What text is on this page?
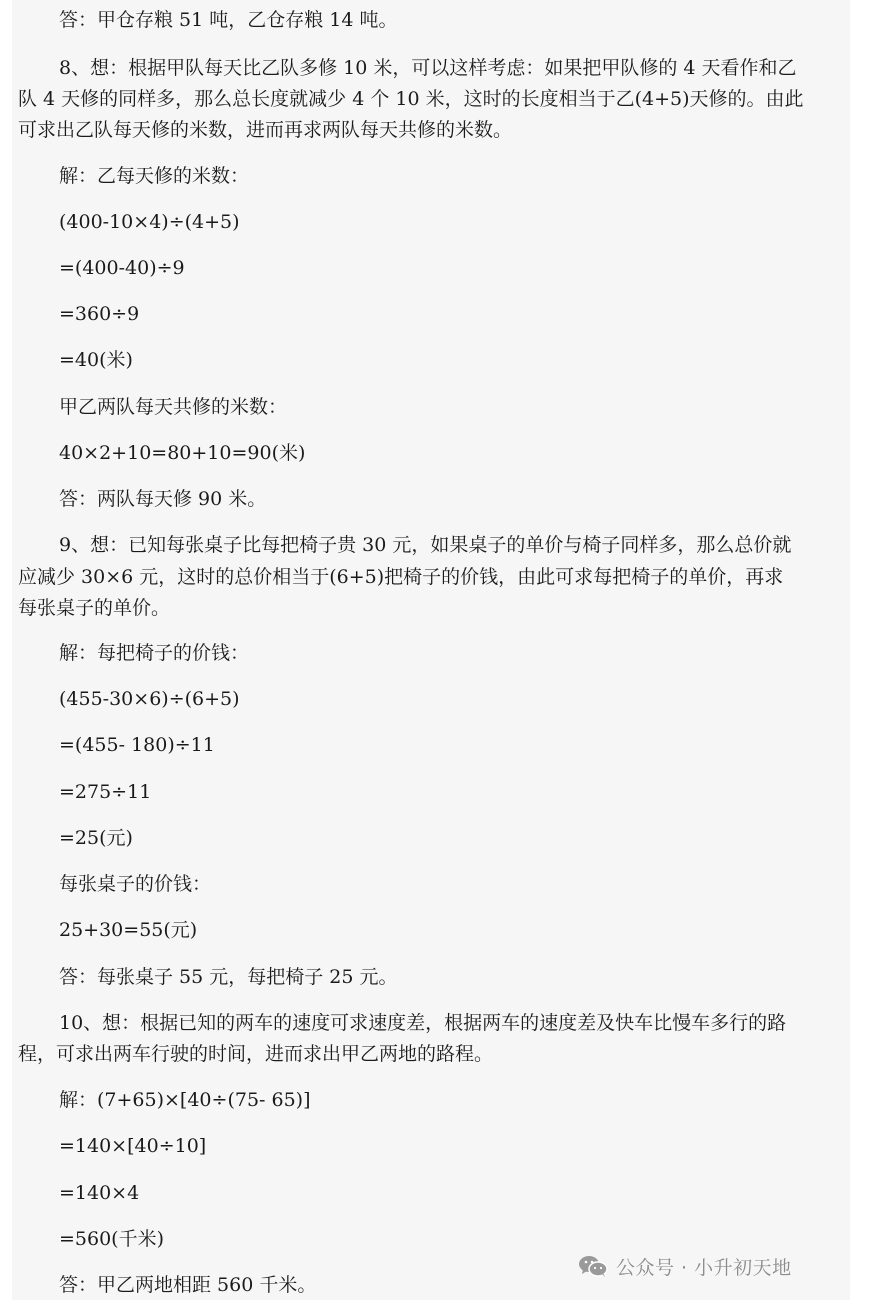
答：甲仓存粮 51 吨，乙仓存粮 14 吨。
8、想：根据甲队每天比乙队多修 10 米，可以这样考虑：如果把甲队修的 4 天看作和乙
队 4 天修的同样多，那么总长度就减少 4 个 10 米，这时的长度相当于乙(4+5)天修的。由此
可求出乙队每天修的米数，进而再求两队每天共修的米数。
解：乙每天修的米数：
(400-10×4)÷(4+5)
=(400-40)÷9
=360÷9
=40(米)
甲乙两队每天共修的米数：
40×2+10=80+10=90(米)
答：两队每天修 90 米。
9、想：已知每张桌子比每把椅子贵 30 元，如果桌子的单价与椅子同样多，那么总价就
应减少 30×6 元，这时的总价相当于(6+5)把椅子的价钱，由此可求每把椅子的单价，再求
每张桌子的单价。
解：每把椅子的价钱：
(455-30×6)÷(6+5)
=(455- 180)÷11
=275÷11
=25(元)
每张桌子的价钱：
25+30=55(元)
答：每张桌子 55 元，每把椅子 25 元。
10、想：根据已知的两车的速度可求速度差，根据两车的速度差及快车比慢车多行的路
程，可求出两车行驶的时间，进而求出甲乙两地的路程。
解：(7+65)×[40÷(75- 65)]
=140×[40÷10]
=140×4
=560(千米)
答：甲乙两地相距 560 千米。
公众号 · 小升初天地
